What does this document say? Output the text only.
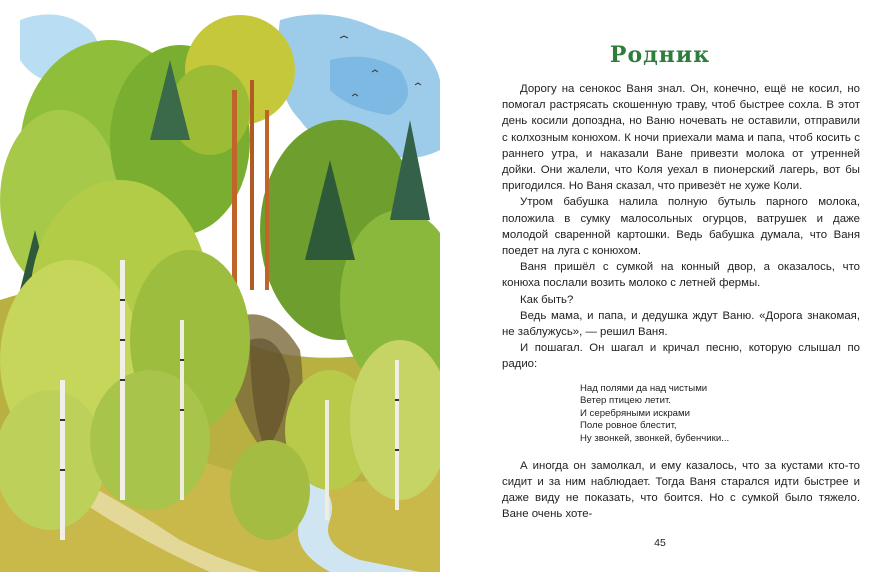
Родник

Дорогу на сенокос Ваня знал. Он, конечно, ещё не косил, но помогал растрясать скошенную траву, чтоб быстрее сохла. В этот день косили допоздна, но Ваню ночевать не оставили, отправили с колхозным конюхом. К ночи приехали мама и папа, чтоб косить с раннего утра, и наказали Ване привезти молока от утренней дойки. Они жалели, что Коля уехал в пионерский лагерь, вот бы пригодился. Но Ваня сказал, что привезёт не хуже Коли.

Утром бабушка налила полную бутыль парного молока, положила в сумку малосольных огурцов, ватрушек и даже молодой сваренной картошки. Ведь бабушка думала, что Ваня поедет на луга с конюхом.

Ваня пришёл с сумкой на конный двор, а оказалось, что конюха послали возить молоко с летней фермы.

Как быть?

Ведь мама, и папа, и дедушка ждут Ваню. «Дорога знакомая, не заблужусь», — решил Ваня.

И пошагал. Он шагал и кричал песню, которую слышал по радио:

Над полями да над чистыми
Ветер птицею летит.
И серебряными искрами
Поле ровное блестит,
Ну звонкей, звонкей, бубенчики...

А иногда он замолкал, и ему казалось, что за кустами кто-то сидит и за ним наблюдает. Тогда Ваня старался идти быстрее и даже виду не показать, что боится. Но с сумкой было тяжело. Ване очень хоте-

45
